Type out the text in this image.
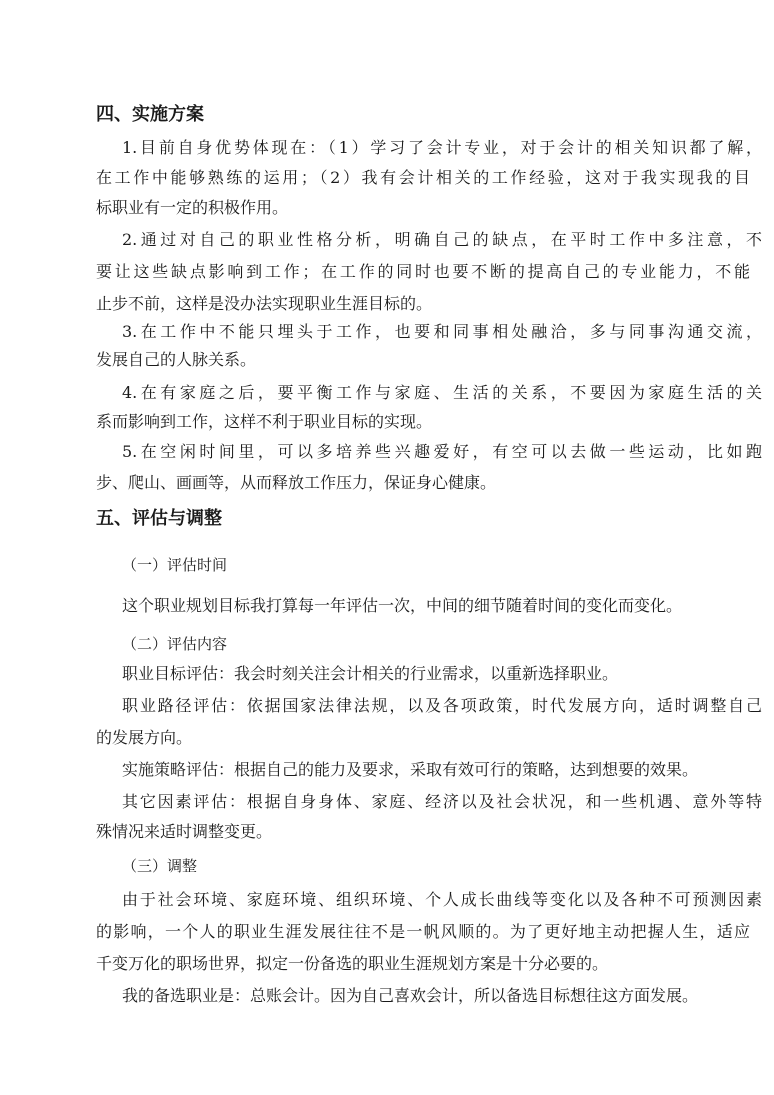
四、实施方案
1.目前自身优势体现在：（1）学习了会计专业，对于会计的相关知识都了解，
在工作中能够熟练的运用；（2）我有会计相关的工作经验，这对于我实现我的目
标职业有一定的积极作用。
2.通过对自己的职业性格分析，明确自己的缺点，在平时工作中多注意，不
要让这些缺点影响到工作；在工作的同时也要不断的提高自己的专业能力，不能
止步不前，这样是没办法实现职业生涯目标的。
3.在工作中不能只埋头于工作，也要和同事相处融洽，多与同事沟通交流，
发展自己的人脉关系。
4.在有家庭之后，要平衡工作与家庭、生活的关系，不要因为家庭生活的关
系而影响到工作，这样不利于职业目标的实现。
5.在空闲时间里，可以多培养些兴趣爱好，有空可以去做一些运动，比如跑
步、爬山、画画等，从而释放工作压力，保证身心健康。
五、评估与调整
（一）评估时间
这个职业规划目标我打算每一年评估一次，中间的细节随着时间的变化而变化。
（二）评估内容
职业目标评估：我会时刻关注会计相关的行业需求，以重新选择职业。
职业路径评估：依据国家法律法规，以及各项政策，时代发展方向，适时调整自己
的发展方向。
实施策略评估：根据自己的能力及要求，采取有效可行的策略，达到想要的效果。
其它因素评估：根据自身身体、家庭、经济以及社会状况，和一些机遇、意外等特
殊情况来适时调整变更。
（三）调整
由于社会环境、家庭环境、组织环境、个人成长曲线等变化以及各种不可预测因素
的影响，一个人的职业生涯发展往往不是一帆风顺的。为了更好地主动把握人生，适应
千变万化的职场世界，拟定一份备选的职业生涯规划方案是十分必要的。
我的备选职业是：总账会计。因为自己喜欢会计，所以备选目标想往这方面发展。
